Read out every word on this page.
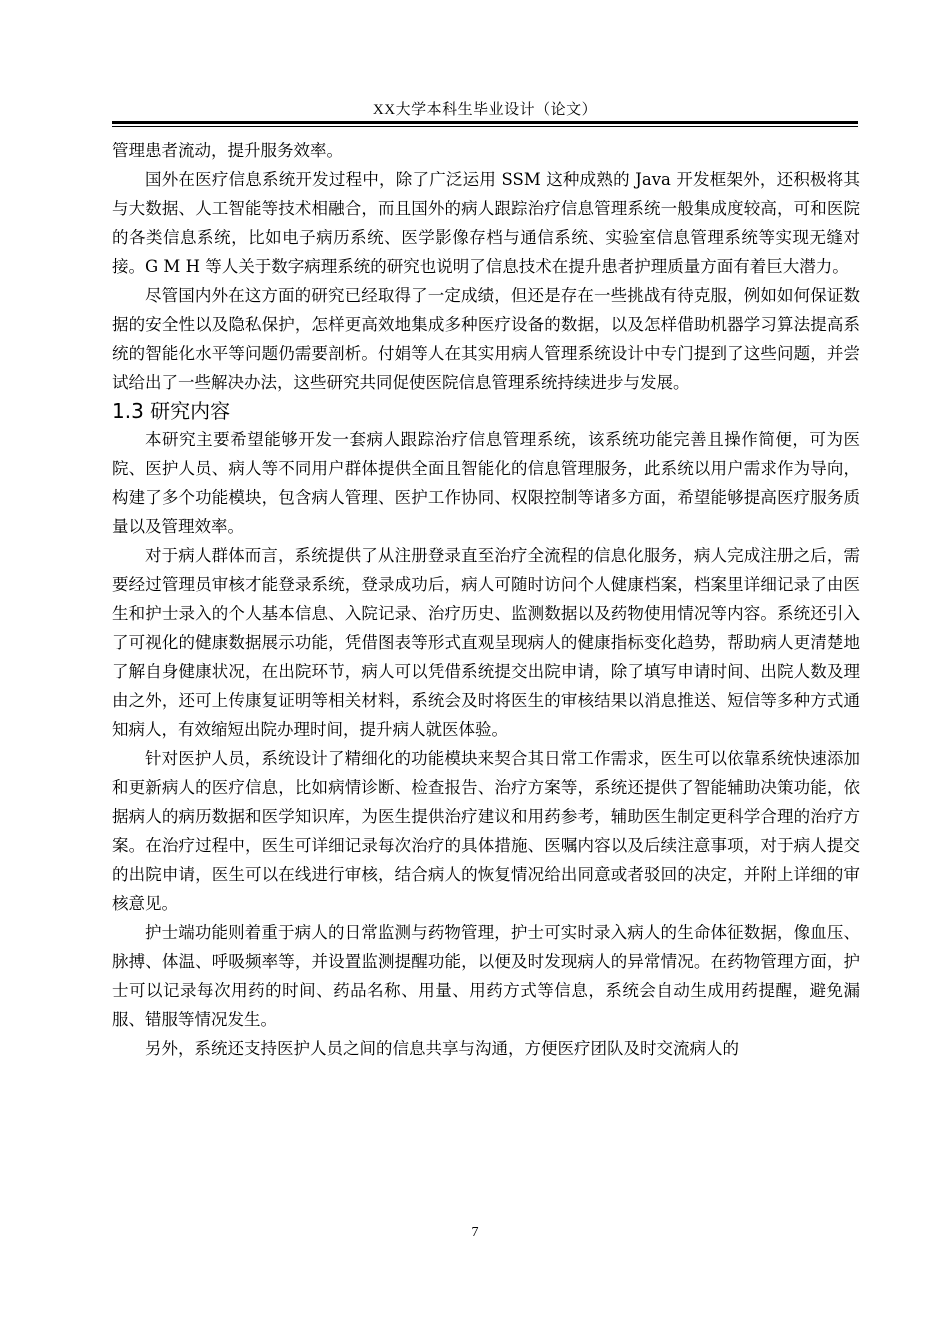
XX大学本科生毕业设计（论文）

管理患者流动，提升服务效率。

国外在医疗信息系统开发过程中，除了广泛运用 SSM 这种成熟的 Java 开发框架外，还积极将其与大数据、人工智能等技术相融合，而且国外的病人跟踪治疗信息管理系统一般集成度较高，可和医院的各类信息系统，比如电子病历系统、医学影像存档与通信系统、实验室信息管理系统等实现无缝对接。G M H 等人关于数字病理系统的研究也说明了信息技术在提升患者护理质量方面有着巨大潜力。

尽管国内外在这方面的研究已经取得了一定成绩，但还是存在一些挑战有待克服，例如如何保证数据的安全性以及隐私保护，怎样更高效地集成多种医疗设备的数据，以及怎样借助机器学习算法提高系统的智能化水平等问题仍需要剖析。付娟等人在其实用病人管理系统设计中专门提到了这些问题，并尝试给出了一些解决办法，这些研究共同促使医院信息管理系统持续进步与发展。

1.3 研究内容

本研究主要希望能够开发一套病人跟踪治疗信息管理系统，该系统功能完善且操作简便，可为医院、医护人员、病人等不同用户群体提供全面且智能化的信息管理服务，此系统以用户需求作为导向，构建了多个功能模块，包含病人管理、医护工作协同、权限控制等诸多方面，希望能够提高医疗服务质量以及管理效率。

对于病人群体而言，系统提供了从注册登录直至治疗全流程的信息化服务，病人完成注册之后，需要经过管理员审核才能登录系统，登录成功后，病人可随时访问个人健康档案，档案里详细记录了由医生和护士录入的个人基本信息、入院记录、治疗历史、监测数据以及药物使用情况等内容。系统还引入了可视化的健康数据展示功能，凭借图表等形式直观呈现病人的健康指标变化趋势，帮助病人更清楚地了解自身健康状况，在出院环节，病人可以凭借系统提交出院申请，除了填写申请时间、出院人数及理由之外，还可上传康复证明等相关材料，系统会及时将医生的审核结果以消息推送、短信等多种方式通知病人，有效缩短出院办理时间，提升病人就医体验。

针对医护人员，系统设计了精细化的功能模块来契合其日常工作需求，医生可以依靠系统快速添加和更新病人的医疗信息，比如病情诊断、检查报告、治疗方案等，系统还提供了智能辅助决策功能，依据病人的病历数据和医学知识库，为医生提供治疗建议和用药参考，辅助医生制定更科学合理的治疗方案。在治疗过程中，医生可详细记录每次治疗的具体措施、医嘱内容以及后续注意事项，对于病人提交的出院申请，医生可以在线进行审核，结合病人的恢复情况给出同意或者驳回的决定，并附上详细的审核意见。

护士端功能则着重于病人的日常监测与药物管理，护士可实时录入病人的生命体征数据，像血压、脉搏、体温、呼吸频率等，并设置监测提醒功能，以便及时发现病人的异常情况。在药物管理方面，护士可以记录每次用药的时间、药品名称、用量、用药方式等信息，系统会自动生成用药提醒，避免漏服、错服等情况发生。

另外，系统还支持医护人员之间的信息共享与沟通，方便医疗团队及时交流病人的

7
